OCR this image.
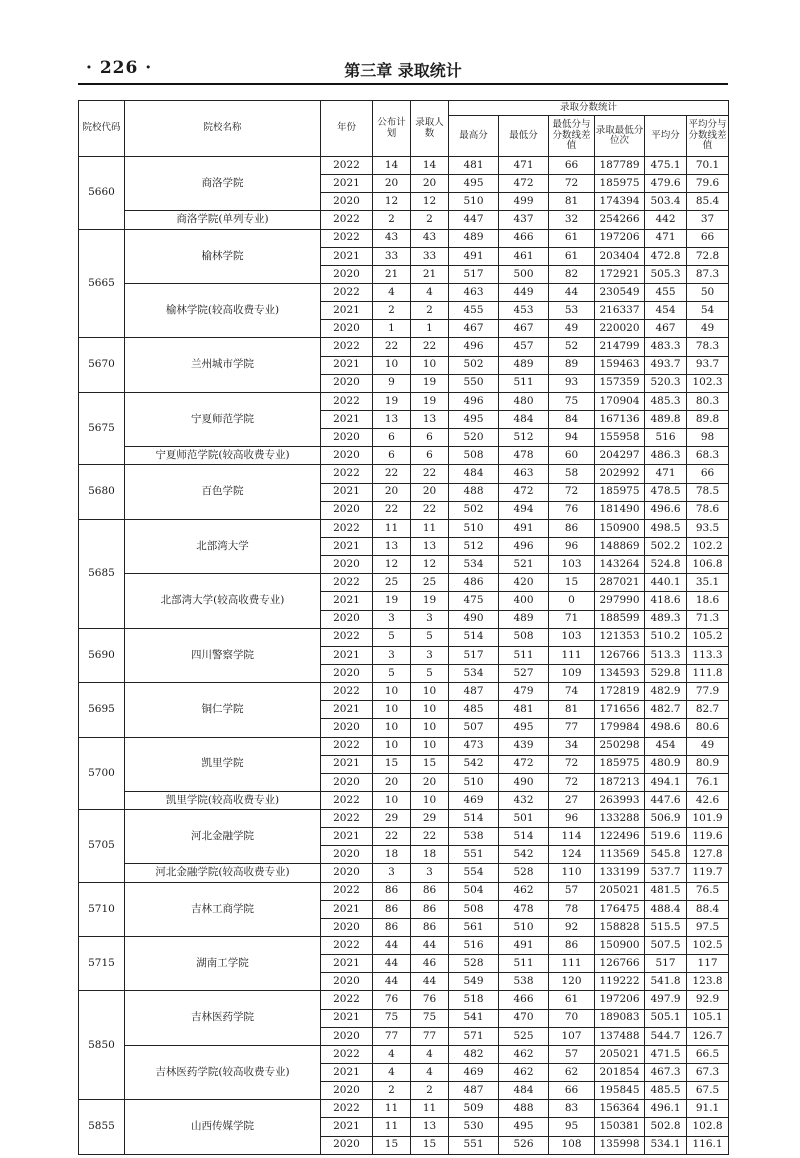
· 226 ·	第三章 录取统计
院校代码	院校名称	年份	公布计划	录取人数	录取分数统计					
					最高分	最低分	最低分与分数线差值	录取最低分位次	平均分	平均分与分数线差值
5660	商洛学院	2022	14	14	481	471	66	187789	475.1	70.1
		2021	20	20	495	472	72	185975	479.6	79.6
		2020	12	12	510	499	81	174394	503.4	85.4
	商洛学院(单列专业)	2022	2	2	447	437	32	254266	442	37
5665	榆林学院	2022	43	43	489	466	61	197206	471	66
		2021	33	33	491	461	61	203404	472.8	72.8
		2020	21	21	517	500	82	172921	505.3	87.3
	榆林学院(较高收费专业)	2022	4	4	463	449	44	230549	455	50
		2021	2	2	455	453	53	216337	454	54
		2020	1	1	467	467	49	220020	467	49
5670	兰州城市学院	2022	22	22	496	457	52	214799	483.3	78.3
		2021	10	10	502	489	89	159463	493.7	93.7
		2020	9	19	550	511	93	157359	520.3	102.3
5675	宁夏师范学院	2022	19	19	496	480	75	170904	485.3	80.3
		2021	13	13	495	484	84	167136	489.8	89.8
		2020	6	6	520	512	94	155958	516	98
	宁夏师范学院(较高收费专业)	2020	6	6	508	478	60	204297	486.3	68.3
5680	百色学院	2022	22	22	484	463	58	202992	471	66
		2021	20	20	488	472	72	185975	478.5	78.5
		2020	22	22	502	494	76	181490	496.6	78.6
5685	北部湾大学	2022	11	11	510	491	86	150900	498.5	93.5
		2021	13	13	512	496	96	148869	502.2	102.2
		2020	12	12	534	521	103	143264	524.8	106.8
	北部湾大学(较高收费专业)	2022	25	25	486	420	15	287021	440.1	35.1
		2021	19	19	475	400	0	297990	418.6	18.6
		2020	3	3	490	489	71	188599	489.3	71.3
5690	四川警察学院	2022	5	5	514	508	103	121353	510.2	105.2
		2021	3	3	517	511	111	126766	513.3	113.3
		2020	5	5	534	527	109	134593	529.8	111.8
5695	铜仁学院	2022	10	10	487	479	74	172819	482.9	77.9
		2021	10	10	485	481	81	171656	482.7	82.7
		2020	10	10	507	495	77	179984	498.6	80.6
5700	凯里学院	2022	10	10	473	439	34	250298	454	49
		2021	15	15	542	472	72	185975	480.9	80.9
		2020	20	20	510	490	72	187213	494.1	76.1
	凯里学院(较高收费专业)	2022	10	10	469	432	27	263993	447.6	42.6
5705	河北金融学院	2022	29	29	514	501	96	133288	506.9	101.9
		2021	22	22	538	514	114	122496	519.6	119.6
		2020	18	18	551	542	124	113569	545.8	127.8
	河北金融学院(较高收费专业)	2020	3	3	554	528	110	133199	537.7	119.7
5710	吉林工商学院	2022	86	86	504	462	57	205021	481.5	76.5
		2021	86	86	508	478	78	176475	488.4	88.4
		2020	86	86	561	510	92	158828	515.5	97.5
5715	湖南工学院	2022	44	44	516	491	86	150900	507.5	102.5
		2021	44	46	528	511	111	126766	517	117
		2020	44	44	549	538	120	119222	541.8	123.8
5850	吉林医药学院	2022	76	76	518	466	61	197206	497.9	92.9
		2021	75	75	541	470	70	189083	505.1	105.1
		2020	77	77	571	525	107	137488	544.7	126.7
	吉林医药学院(较高收费专业)	2022	4	4	482	462	57	205021	471.5	66.5
		2021	4	4	469	462	62	201854	467.3	67.3
		2020	2	2	487	484	66	195845	485.5	67.5
5855	山西传媒学院	2022	11	11	509	488	83	156364	496.1	91.1
		2021	11	13	530	495	95	150381	502.8	102.8
		2020	15	15	551	526	108	135998	534.1	116.1
